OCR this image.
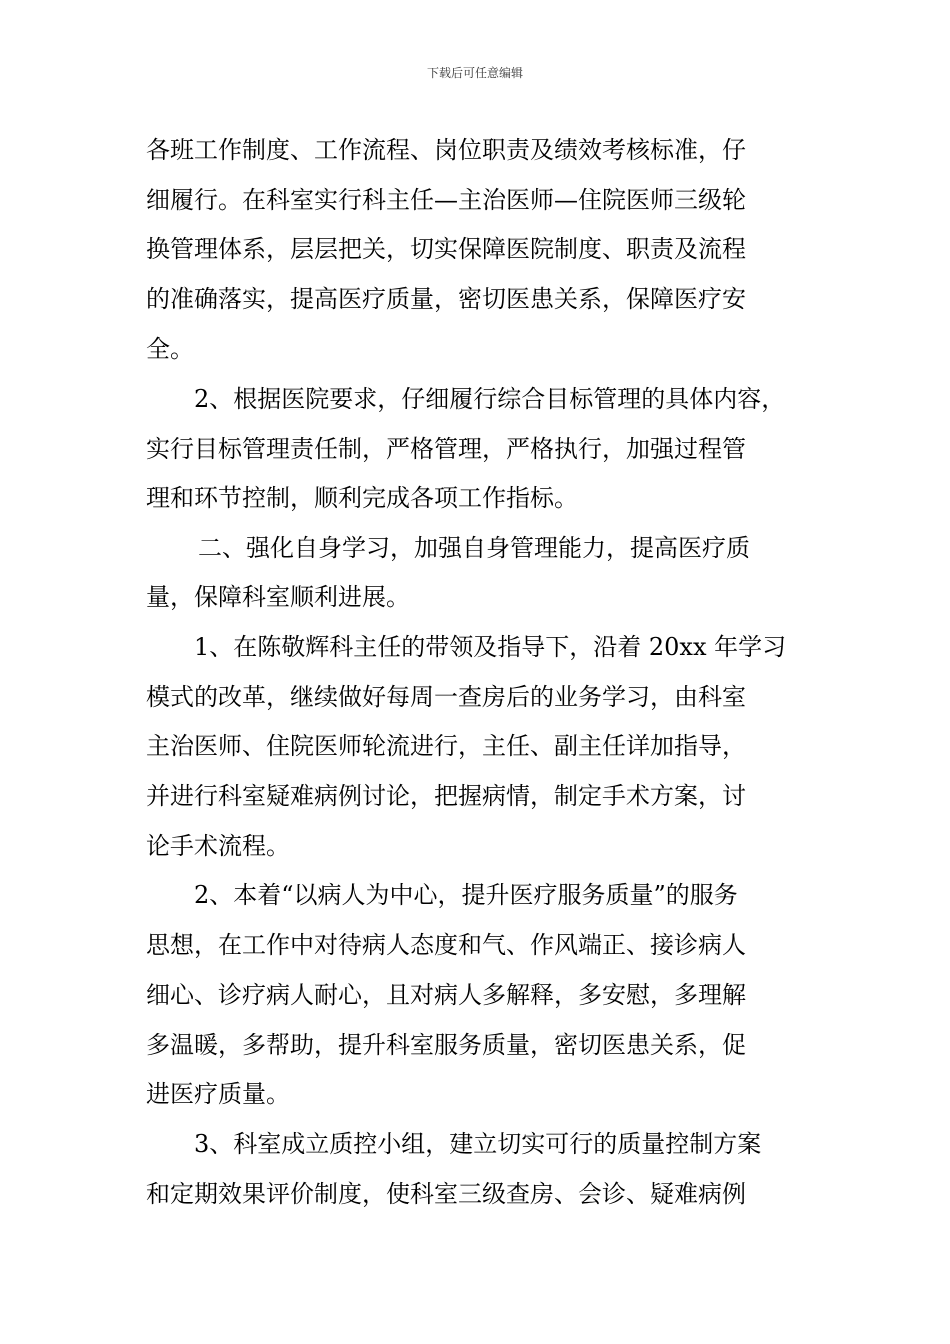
下载后可任意编辑
各班工作制度、工作流程、岗位职责及绩效考核标准，仔
细履行。在科室实行科主任—主治医师—住院医师三级轮
换管理体系，层层把关，切实保障医院制度、职责及流程
的准确落实，提高医疗质量，密切医患关系，保障医疗安
全。
2、根据医院要求，仔细履行综合目标管理的具体内容，
实行目标管理责任制，严格管理，严格执行，加强过程管
理和环节控制，顺利完成各项工作指标。
二、强化自身学习，加强自身管理能力，提高医疗质
量，保障科室顺利进展。
1、在陈敬辉科主任的带领及指导下，沿着 20xx 年学习
模式的改革，继续做好每周一查房后的业务学习，由科室
主治医师、住院医师轮流进行，主任、副主任详加指导，
并进行科室疑难病例讨论，把握病情，制定手术方案，讨
论手术流程。
2、本着“以病人为中心，提升医疗服务质量”的服务
思想，在工作中对待病人态度和气、作风端正、接诊病人
细心、诊疗病人耐心，且对病人多解释，多安慰，多理解
多温暖，多帮助，提升科室服务质量，密切医患关系，促
进医疗质量。
3、科室成立质控小组，建立切实可行的质量控制方案
和定期效果评价制度，使科室三级查房、会诊、疑难病例
